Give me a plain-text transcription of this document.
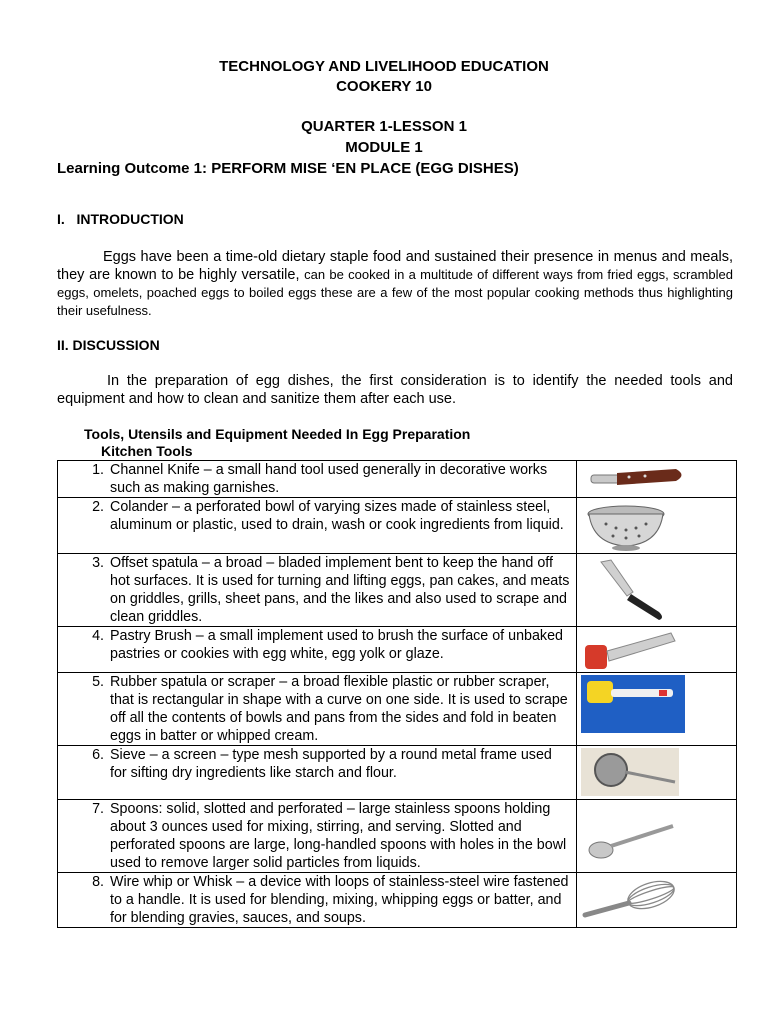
TECHNOLOGY AND LIVELIHOOD EDUCATION
COOKERY 10
QUARTER 1-LESSON 1
MODULE 1
Learning Outcome 1: PERFORM MISE ‘EN PLACE (EGG DISHES)
I.   INTRODUCTION
Eggs have been a time-old dietary staple food and sustained their presence in menus and meals, they are known to be highly versatile, can be cooked in a multitude of different ways from fried eggs, scrambled eggs, omelets, poached eggs to boiled eggs these are a few of the most popular cooking methods thus highlighting their usefulness.
II. DISCUSSION
In the preparation of egg dishes, the first consideration is to identify the needed tools and equipment and how to clean and sanitize them after each use.
Tools, Utensils and Equipment Needed In Egg Preparation
Kitchen Tools
1. Channel Knife – a small hand tool used generally in decorative works such as making garnishes.

2. Colander – a perforated bowl of varying sizes made of stainless steel, aluminum or plastic, used to drain, wash or cook ingredients from liquid.

3. Offset spatula – a broad – bladed implement bent to keep the hand off hot surfaces. It is used for turning and lifting eggs, pan cakes, and meats on griddles, grills, sheet pans, and the likes and also used to scrape and clean griddles.

4. Pastry Brush – a small implement used to brush the surface of unbaked pastries or cookies with egg white, egg yolk or glaze.

5. Rubber spatula or scraper – a broad flexible plastic or rubber scraper, that is rectangular in shape with a curve on one side. It is used to scrape off all the contents of bowls and pans from the sides and fold in beaten eggs in batter or whipped cream.

6. Sieve – a screen – type mesh supported by a round metal frame used for sifting dry ingredients like starch and flour.

7. Spoons: solid, slotted and perforated – large stainless spoons holding about 3 ounces used for mixing, stirring, and serving. Slotted and perforated spoons are large, long-handled spoons with holes in the bowl used to remove larger solid particles from liquids.

8. Wire whip or Whisk – a device with loops of stainless-steel wire fastened to a handle. It is used for blending, mixing, whipping eggs or batter, and for blending gravies, sauces, and soups.
